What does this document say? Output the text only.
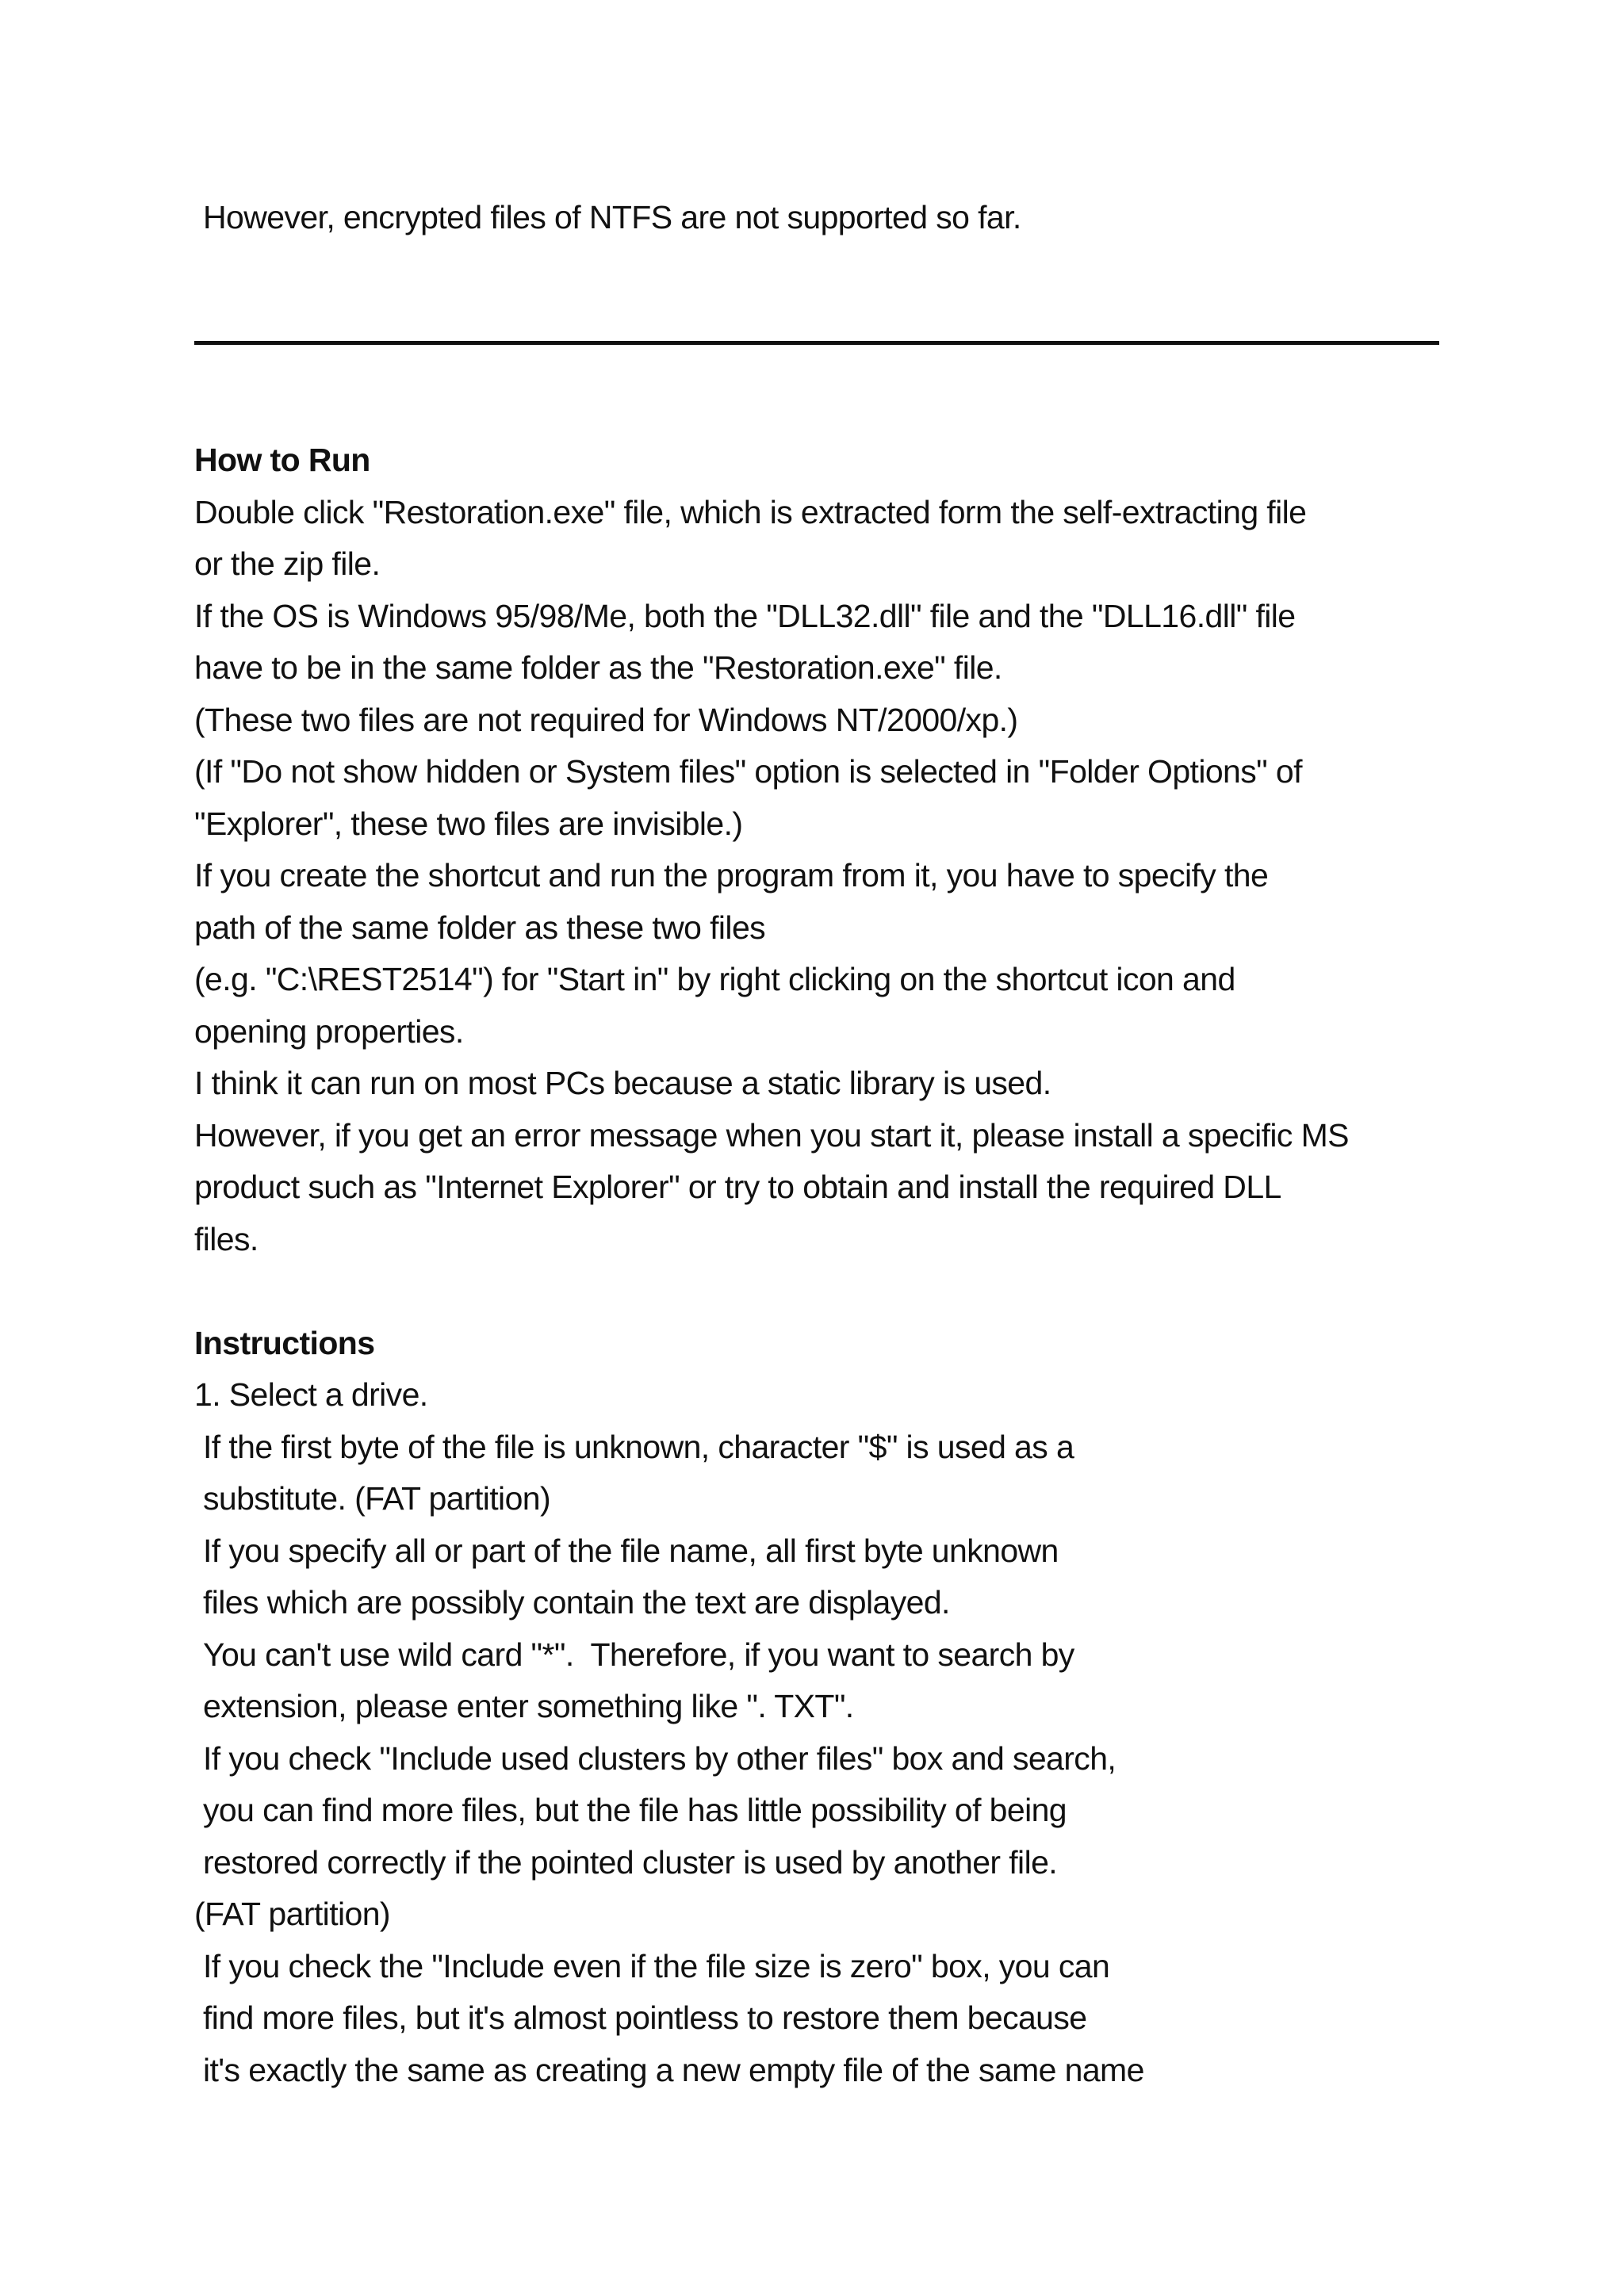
However, encrypted files of NTFS are not supported so far.
How to Run
Double click "Restoration.exe" file, which is extracted form the self-extracting file
or the zip file.
If the OS is Windows 95/98/Me, both the "DLL32.dll" file and the "DLL16.dll" file
have to be in the same folder as the "Restoration.exe" file.
(These two files are not required for Windows NT/2000/xp.)
(If "Do not show hidden or System files" option is selected in "Folder Options" of
"Explorer", these two files are invisible.)
If you create the shortcut and run the program from it, you have to specify the
path of the same folder as these two files
(e.g. "C:\REST2514") for "Start in" by right clicking on the shortcut icon and
opening properties.
I think it can run on most PCs because a static library is used.
However, if you get an error message when you start it, please install a specific MS
product such as "Internet Explorer" or try to obtain and install the required DLL
files.
Instructions
1. Select a drive.
If the first byte of the file is unknown, character "$" is used as a
substitute. (FAT partition)
If you specify all or part of the file name, all first byte unknown
files which are possibly contain the text are displayed.
You can't use wild card "*".  Therefore, if you want to search by
extension, please enter something like ". TXT".
If you check "Include used clusters by other files" box and search,
you can find more files, but the file has little possibility of being
restored correctly if the pointed cluster is used by another file.
(FAT partition)
If you check the "Include even if the file size is zero" box, you can
find more files, but it's almost pointless to restore them because
it's exactly the same as creating a new empty file of the same name
